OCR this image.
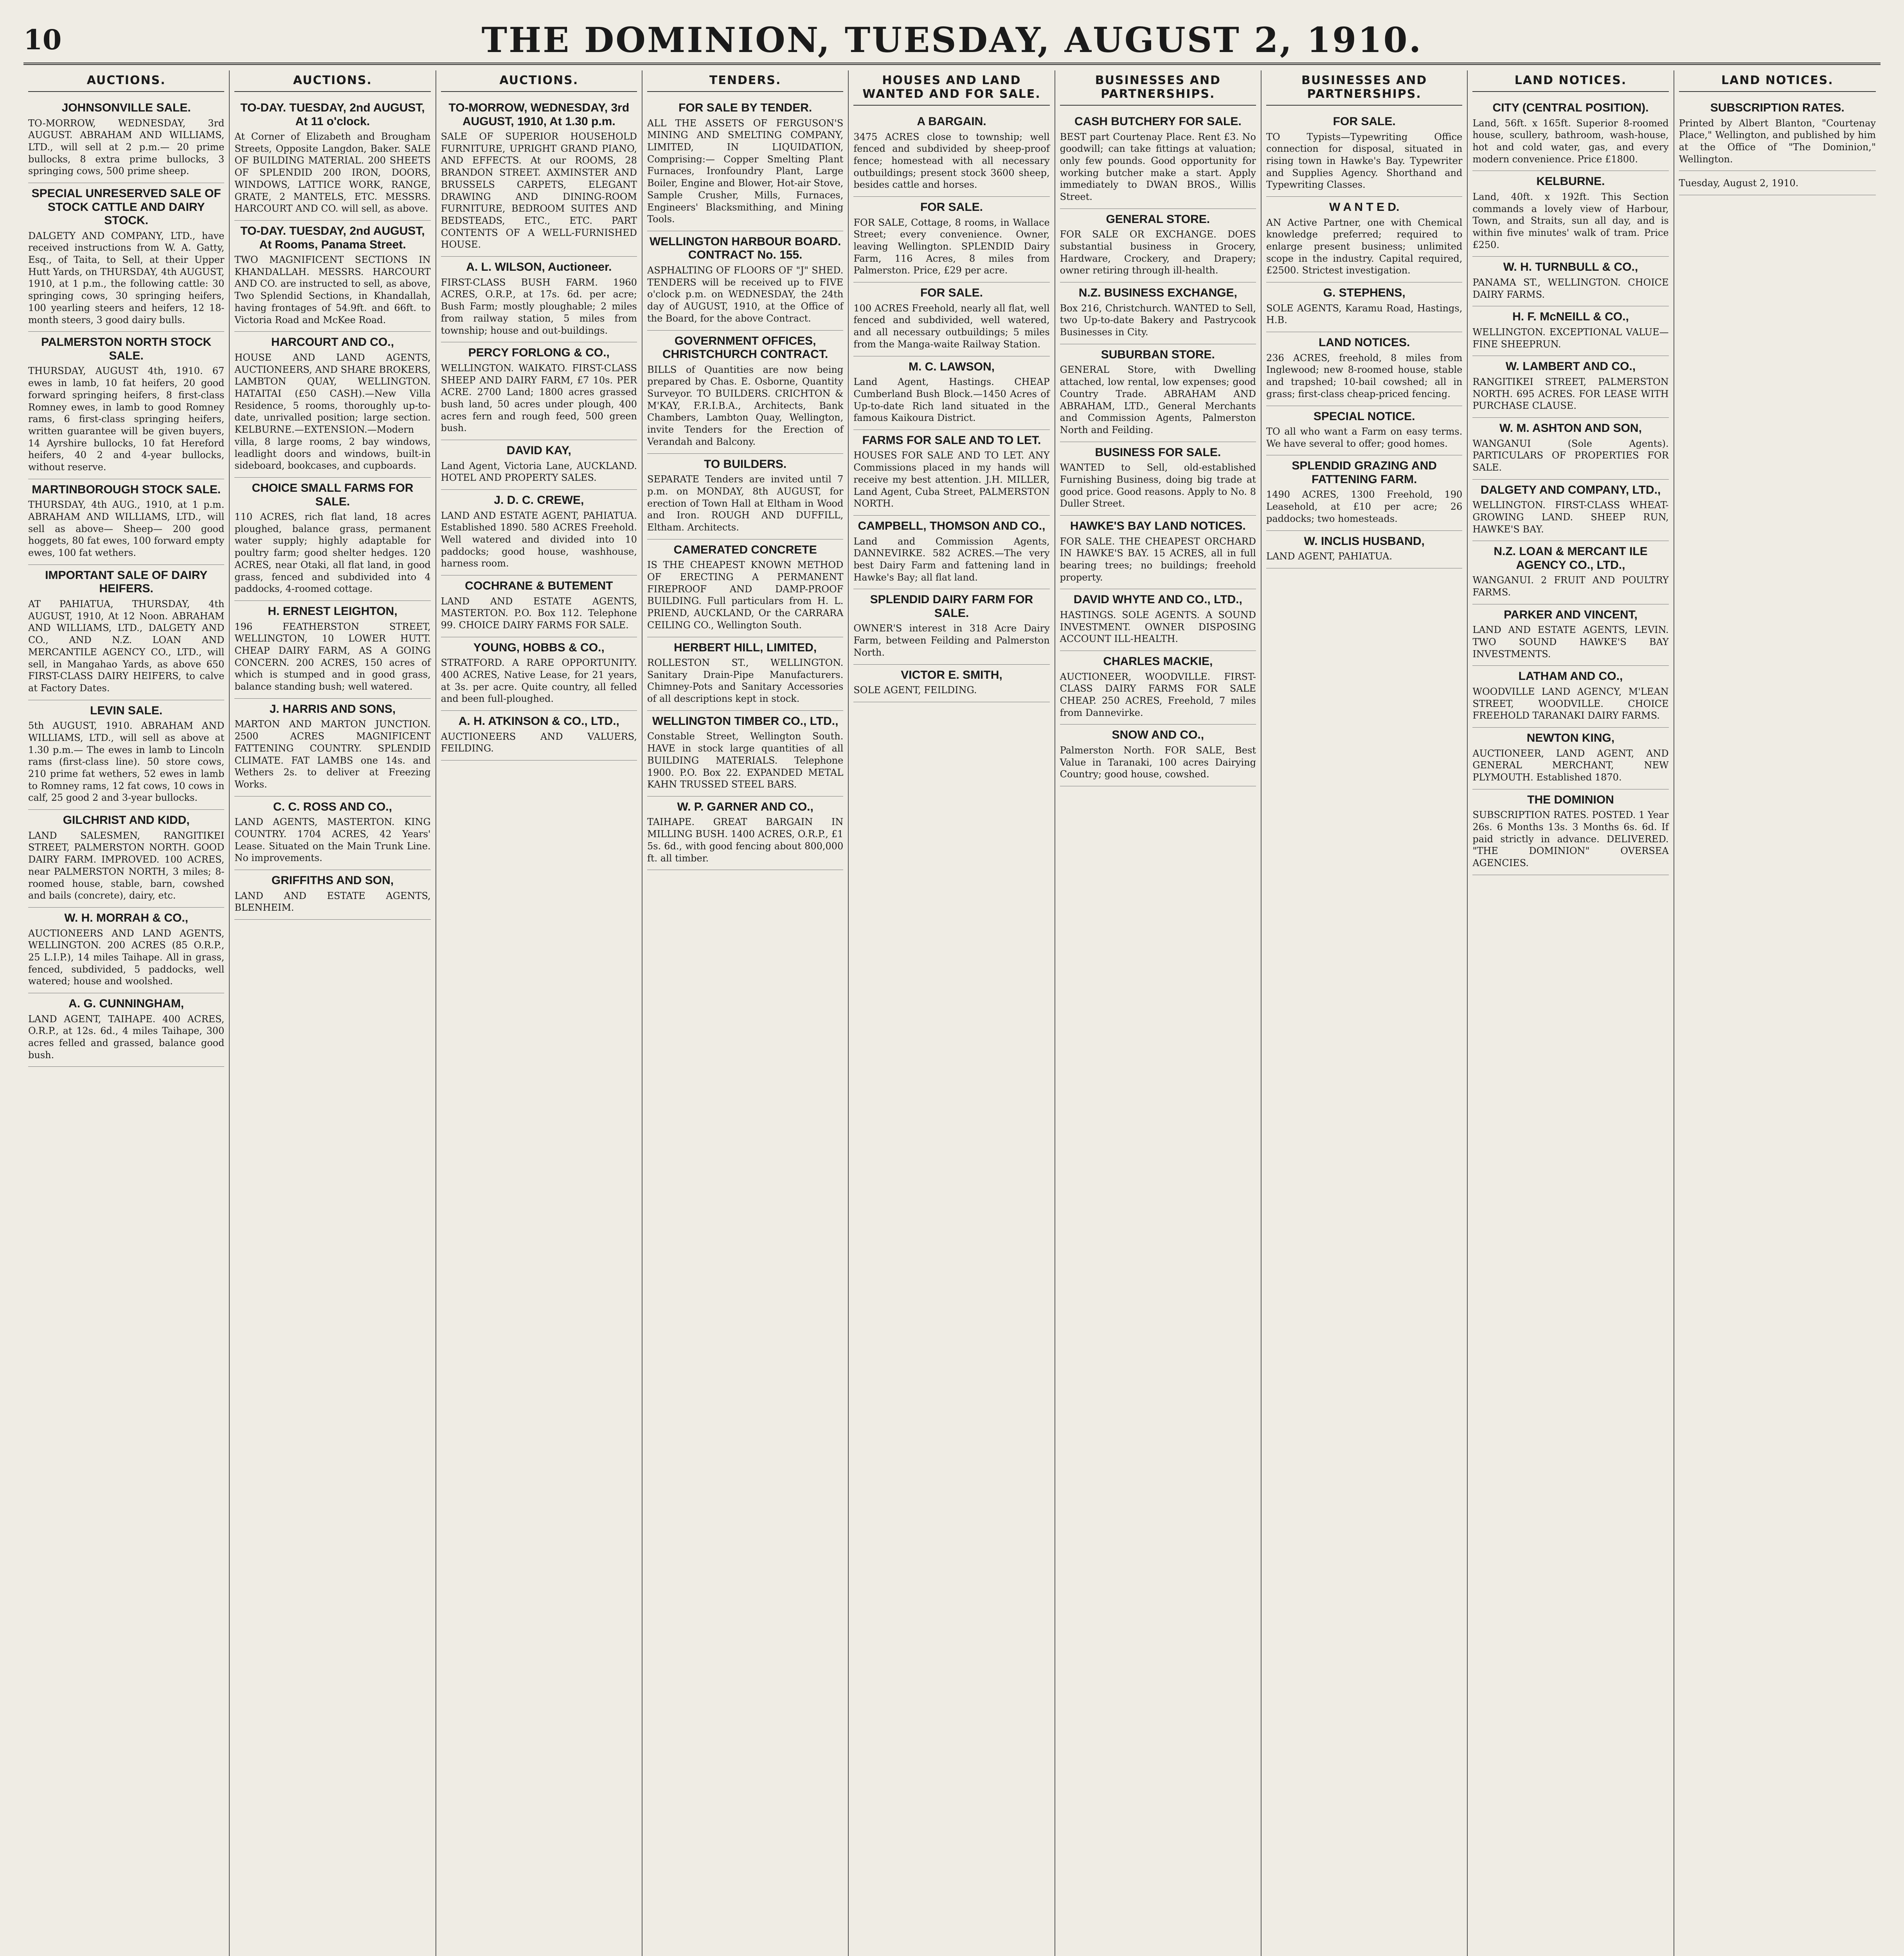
10	THE DOMINION, TUESDAY, AUGUST 2, 1910.
AUCTIONS.
JOHNSONVILLE SALE.
TO-MORROW, WEDNESDAY, 3rd AUGUST. ABRAHAM AND WILLIAMS, LTD., will sell at 2 p.m.— 20 prime bullocks, 8 extra prime bullocks, 3 springing cows, 500 prime sheep.
SPECIAL UNRESERVED SALE OF STOCK CATTLE AND DAIRY STOCK.
DALGETY AND COMPANY, LTD., have received instructions from W. A. Gatty, Esq., of Taita, to Sell, at their Upper Hutt Yards, on THURSDAY, 4th AUGUST, 1910, at 1 p.m., the following cattle: 30 springing cows, 30 springing heifers, 100 yearling steers and heifers, 12 18-month steers, 3 good dairy bulls.
PALMERSTON NORTH STOCK SALE.
THURSDAY, AUGUST 4th, 1910. 67 ewes in lamb, 10 fat heifers, 20 good forward springing heifers, 8 first-class Romney ewes, in lamb to good Romney rams, 6 first-class springing heifers, written guarantee will be given buyers, 14 Ayrshire bullocks, 10 fat Hereford heifers, 40 2 and 4-year bullocks, without reserve.
MARTINBOROUGH STOCK SALE.
THURSDAY, 4th AUG., 1910, at 1 p.m. ABRAHAM AND WILLIAMS, LTD., will sell as above— Sheep— 200 good hoggets, 80 fat ewes, 100 forward empty ewes, 100 fat wethers.
IMPORTANT SALE OF DAIRY HEIFERS.
AT PAHIATUA, THURSDAY, 4th AUGUST, 1910, At 12 Noon. ABRAHAM AND WILLIAMS, LTD., DALGETY AND CO., AND N.Z. LOAN AND MERCANTILE AGENCY CO., LTD., will sell, in Mangahao Yards, as above 650 FIRST-CLASS DAIRY HEIFERS, to calve at Factory Dates.
LEVIN SALE.
5th AUGUST, 1910. ABRAHAM AND WILLIAMS, LTD., will sell as above at 1.30 p.m.— The ewes in lamb to Lincoln rams (first-class line). 50 store cows, 210 prime fat wethers, 52 ewes in lamb to Romney rams, 12 fat cows, 10 cows in calf, 25 good 2 and 3-year bullocks.
GILCHRIST AND KIDD,
LAND SALESMEN, RANGITIKEI STREET, PALMERSTON NORTH. GOOD DAIRY FARM. IMPROVED. 100 ACRES, near PALMERSTON NORTH, 3 miles; 8-roomed house, stable, barn, cowshed and bails (concrete), dairy, etc.
W. H. MORRAH & CO.,
AUCTIONEERS AND LAND AGENTS, WELLINGTON. 200 ACRES (85 O.R.P., 25 L.I.P.), 14 miles Taihape. All in grass, fenced, subdivided, 5 paddocks, well watered; house and woolshed.
A. G. CUNNINGHAM,
LAND AGENT, TAIHAPE. 400 ACRES, O.R.P., at 12s. 6d., 4 miles Taihape, 300 acres felled and grassed, balance good bush.
AUCTIONS.
TO-DAY. TUESDAY, 2nd AUGUST, At 11 o'clock.
At Corner of Elizabeth and Brougham Streets, Opposite Langdon, Baker. SALE OF BUILDING MATERIAL. 200 SHEETS OF SPLENDID 200 IRON, DOORS, WINDOWS, LATTICE WORK, RANGE, GRATE, 2 MANTELS, ETC. MESSRS. HARCOURT AND CO. will sell, as above.
TO-DAY. TUESDAY, 2nd AUGUST, At Rooms, Panama Street.
TWO MAGNIFICENT SECTIONS IN KHANDALLAH. MESSRS. HARCOURT AND CO. are instructed to sell, as above, Two Splendid Sections, in Khandallah, having frontages of 54.9ft. and 66ft. to Victoria Road and McKee Road.
HARCOURT AND CO.,
HOUSE AND LAND AGENTS, AUCTIONEERS, AND SHARE BROKERS, LAMBTON QUAY, WELLINGTON. HATAITAI (£50 CASH).—New Villa Residence, 5 rooms, thoroughly up-to-date, unrivalled position; large section. KELBURNE.—EXTENSION.—Modern villa, 8 large rooms, 2 bay windows, leadlight doors and windows, built-in sideboard, bookcases, and cupboards.
CHOICE SMALL FARMS FOR SALE.
110 ACRES, rich flat land, 18 acres ploughed, balance grass, permanent water supply; highly adaptable for poultry farm; good shelter hedges. 120 ACRES, near Otaki, all flat land, in good grass, fenced and subdivided into 4 paddocks, 4-roomed cottage.
H. ERNEST LEIGHTON,
196 FEATHERSTON STREET, WELLINGTON, 10 LOWER HUTT. CHEAP DAIRY FARM, AS A GOING CONCERN. 200 ACRES, 150 acres of which is stumped and in good grass, balance standing bush; well watered.
J. HARRIS AND SONS,
MARTON AND MARTON JUNCTION. 2500 ACRES MAGNIFICENT FATTENING COUNTRY. SPLENDID CLIMATE. FAT LAMBS one 14s. and Wethers 2s. to deliver at Freezing Works.
C. C. ROSS AND CO.,
LAND AGENTS, MASTERTON. KING COUNTRY. 1704 ACRES, 42 Years' Lease. Situated on the Main Trunk Line. No improvements.
GRIFFITHS AND SON,
LAND AND ESTATE AGENTS, BLENHEIM.
AUCTIONS.
TO-MORROW, WEDNESDAY, 3rd AUGUST, 1910, At 1.30 p.m.
SALE OF SUPERIOR HOUSEHOLD FURNITURE, UPRIGHT GRAND PIANO, AND EFFECTS. At our ROOMS, 28 BRANDON STREET. AXMINSTER AND BRUSSELS CARPETS, ELEGANT DRAWING AND DINING-ROOM FURNITURE, BEDROOM SUITES AND BEDSTEADS, ETC., ETC. PART CONTENTS OF A WELL-FURNISHED HOUSE.
A. L. WILSON, Auctioneer.
FIRST-CLASS BUSH FARM. 1960 ACRES, O.R.P., at 17s. 6d. per acre; Bush Farm; mostly ploughable; 2 miles from railway station, 5 miles from township; house and out-buildings.
PERCY FORLONG & CO.,
WELLINGTON. WAIKATO. FIRST-CLASS SHEEP AND DAIRY FARM, £7 10s. PER ACRE. 2700 Land; 1800 acres grassed bush land, 50 acres under plough, 400 acres fern and rough feed, 500 green bush.
DAVID KAY,
Land Agent, Victoria Lane, AUCKLAND. HOTEL AND PROPERTY SALES.
J. D. C. CREWE,
LAND AND ESTATE AGENT, PAHIATUA. Established 1890. 580 ACRES Freehold. Well watered and divided into 10 paddocks; good house, washhouse, harness room.
COCHRANE & BUTEMENT
LAND AND ESTATE AGENTS, MASTERTON. P.O. Box 112. Telephone 99. CHOICE DAIRY FARMS FOR SALE.
YOUNG, HOBBS & CO.,
STRATFORD. A RARE OPPORTUNITY. 400 ACRES, Native Lease, for 21 years, at 3s. per acre. Quite country, all felled and been full-ploughed.
A. H. ATKINSON & CO., LTD.,
AUCTIONEERS AND VALUERS, FEILDING.
TENDERS.
FOR SALE BY TENDER.
ALL THE ASSETS OF FERGUSON'S MINING AND SMELTING COMPANY, LIMITED, IN LIQUIDATION, Comprising:— Copper Smelting Plant Furnaces, Ironfoundry Plant, Large Boiler, Engine and Blower, Hot-air Stove, Sample Crusher, Mills, Furnaces, Engineers' Blacksmithing, and Mining Tools.
WELLINGTON HARBOUR BOARD. CONTRACT No. 155.
ASPHALTING OF FLOORS OF "J" SHED. TENDERS will be received up to FIVE o'clock p.m. on WEDNESDAY, the 24th day of AUGUST, 1910, at the Office of the Board, for the above Contract.
GOVERNMENT OFFICES, CHRISTCHURCH CONTRACT.
BILLS of Quantities are now being prepared by Chas. E. Osborne, Quantity Surveyor. TO BUILDERS. CRICHTON & M'KAY, F.R.I.B.A., Architects, Bank Chambers, Lambton Quay, Wellington, invite Tenders for the Erection of Verandah and Balcony.
TO BUILDERS.
SEPARATE Tenders are invited until 7 p.m. on MONDAY, 8th AUGUST, for erection of Town Hall at Eltham in Wood and Iron. ROUGH AND DUFFILL, Eltham. Architects.
CAMERATED CONCRETE
IS THE CHEAPEST KNOWN METHOD OF ERECTING A PERMANENT FIREPROOF AND DAMP-PROOF BUILDING. Full particulars from H. L. PRIEND, AUCKLAND, Or the CARRARA CEILING CO., Wellington South.
HERBERT HILL, LIMITED,
ROLLESTON ST., WELLINGTON. Sanitary Drain-Pipe Manufacturers. Chimney-Pots and Sanitary Accessories of all descriptions kept in stock.
WELLINGTON TIMBER CO., LTD.,
Constable Street, Wellington South. HAVE in stock large quantities of all BUILDING MATERIALS. Telephone 1900. P.O. Box 22. EXPANDED METAL KAHN TRUSSED STEEL BARS.
W. P. GARNER AND CO.,
TAIHAPE. GREAT BARGAIN IN MILLING BUSH. 1400 ACRES, O.R.P., £1 5s. 6d., with good fencing about 800,000 ft. all timber.
HOUSES AND LAND WANTED AND FOR SALE.
A BARGAIN.
3475 ACRES close to township; well fenced and subdivided by sheep-proof fence; homestead with all necessary outbuildings; present stock 3600 sheep, besides cattle and horses.
FOR SALE.
FOR SALE, Cottage, 8 rooms, in Wallace Street; every convenience. Owner, leaving Wellington. SPLENDID Dairy Farm, 116 Acres, 8 miles from Palmerston. Price, £29 per acre.
FOR SALE.
100 ACRES Freehold, nearly all flat, well fenced and subdivided, well watered, and all necessary outbuildings; 5 miles from the Manga-waite Railway Station.
M. C. LAWSON,
Land Agent, Hastings. CHEAP Cumberland Bush Block.—1450 Acres of Up-to-date Rich land situated in the famous Kaikoura District.
FARMS FOR SALE AND TO LET.
HOUSES FOR SALE AND TO LET. ANY Commissions placed in my hands will receive my best attention. J.H. MILLER, Land Agent, Cuba Street, PALMERSTON NORTH.
CAMPBELL, THOMSON AND CO.,
Land and Commission Agents, DANNEVIRKE. 582 ACRES.—The very best Dairy Farm and fattening land in Hawke's Bay; all flat land.
SPLENDID DAIRY FARM FOR SALE.
OWNER'S interest in 318 Acre Dairy Farm, between Feilding and Palmerston North.
VICTOR E. SMITH,
SOLE AGENT, FEILDING.
BUSINESSES AND PARTNERSHIPS.
CASH BUTCHERY FOR SALE.
BEST part Courtenay Place. Rent £3. No goodwill; can take fittings at valuation; only few pounds. Good opportunity for working butcher make a start. Apply immediately to DWAN BROS., Willis Street.
GENERAL STORE.
FOR SALE OR EXCHANGE. DOES substantial business in Grocery, Hardware, Crockery, and Drapery; owner retiring through ill-health.
N.Z. BUSINESS EXCHANGE,
Box 216, Christchurch. WANTED to Sell, two Up-to-date Bakery and Pastrycook Businesses in City.
SUBURBAN STORE.
GENERAL Store, with Dwelling attached, low rental, low expenses; good Country Trade. ABRAHAM AND ABRAHAM, LTD., General Merchants and Commission Agents, Palmerston North and Feilding.
BUSINESS FOR SALE.
WANTED to Sell, old-established Furnishing Business, doing big trade at good price. Good reasons. Apply to No. 8 Duller Street.
HAWKE'S BAY LAND NOTICES.
FOR SALE. THE CHEAPEST ORCHARD IN HAWKE'S BAY. 15 ACRES, all in full bearing trees; no buildings; freehold property.
DAVID WHYTE AND CO., LTD.,
HASTINGS. SOLE AGENTS. A SOUND INVESTMENT. OWNER DISPOSING ACCOUNT ILL-HEALTH.
CHARLES MACKIE,
AUCTIONEER, WOODVILLE. FIRST-CLASS DAIRY FARMS FOR SALE CHEAP. 250 ACRES, Freehold, 7 miles from Dannevirke.
SNOW AND CO.,
Palmerston North. FOR SALE, Best Value in Taranaki, 100 acres Dairying Country; good house, cowshed.
BUSINESSES AND PARTNERSHIPS.
FOR SALE.
TO Typists—Typewriting Office connection for disposal, situated in rising town in Hawke's Bay. Typewriter and Supplies Agency. Shorthand and Typewriting Classes.
W A N T E D.
AN Active Partner, one with Chemical knowledge preferred; required to enlarge present business; unlimited scope in the industry. Capital required, £2500. Strictest investigation.
G. STEPHENS,
SOLE AGENTS, Karamu Road, Hastings, H.B.
LAND NOTICES.
236 ACRES, freehold, 8 miles from Inglewood; new 8-roomed house, stable and trapshed; 10-bail cowshed; all in grass; first-class cheap-priced fencing.
SPECIAL NOTICE.
TO all who want a Farm on easy terms. We have several to offer; good homes.
SPLENDID GRAZING AND FATTENING FARM.
1490 ACRES, 1300 Freehold, 190 Leasehold, at £10 per acre; 26 paddocks; two homesteads.
W. INCLIS HUSBAND,
LAND AGENT, PAHIATUA.
LAND NOTICES.
CITY (CENTRAL POSITION).
Land, 56ft. x 165ft. Superior 8-roomed house, scullery, bathroom, wash-house, hot and cold water, gas, and every modern convenience. Price £1800.
KELBURNE.
Land, 40ft. x 192ft. This Section commands a lovely view of Harbour, Town, and Straits, sun all day, and is within five minutes' walk of tram. Price £250.
W. H. TURNBULL & CO.,
PANAMA ST., WELLINGTON. CHOICE DAIRY FARMS.
H. F. McNEILL & CO.,
WELLINGTON. EXCEPTIONAL VALUE—FINE SHEEPRUN.
W. LAMBERT AND CO.,
RANGITIKEI STREET, PALMERSTON NORTH. 695 ACRES. FOR LEASE WITH PURCHASE CLAUSE.
W. M. ASHTON AND SON,
WANGANUI (Sole Agents). PARTICULARS OF PROPERTIES FOR SALE.
DALGETY AND COMPANY, LTD.,
WELLINGTON. FIRST-CLASS WHEAT-GROWING LAND. SHEEP RUN, HAWKE'S BAY.
N.Z. LOAN & MERCANT ILE AGENCY CO., LTD.,
WANGANUI. 2 FRUIT AND POULTRY FARMS.
PARKER AND VINCENT,
LAND AND ESTATE AGENTS, LEVIN. TWO SOUND HAWKE'S BAY INVESTMENTS.
LATHAM AND CO.,
WOODVILLE LAND AGENCY, M'LEAN STREET, WOODVILLE. CHOICE FREEHOLD TARANAKI DAIRY FARMS.
NEWTON KING,
AUCTIONEER, LAND AGENT, AND GENERAL MERCHANT, NEW PLYMOUTH. Established 1870.
THE DOMINION
SUBSCRIPTION RATES. POSTED. 1 Year 26s. 6 Months 13s. 3 Months 6s. 6d. If paid strictly in advance. DELIVERED. "THE DOMINION" OVERSEA AGENCIES.
LAND NOTICES.
SUBSCRIPTION RATES.
Printed by Albert Blanton, "Courtenay Place," Wellington, and published by him at the Office of "The Dominion," Wellington.
Tuesday, August 2, 1910.
